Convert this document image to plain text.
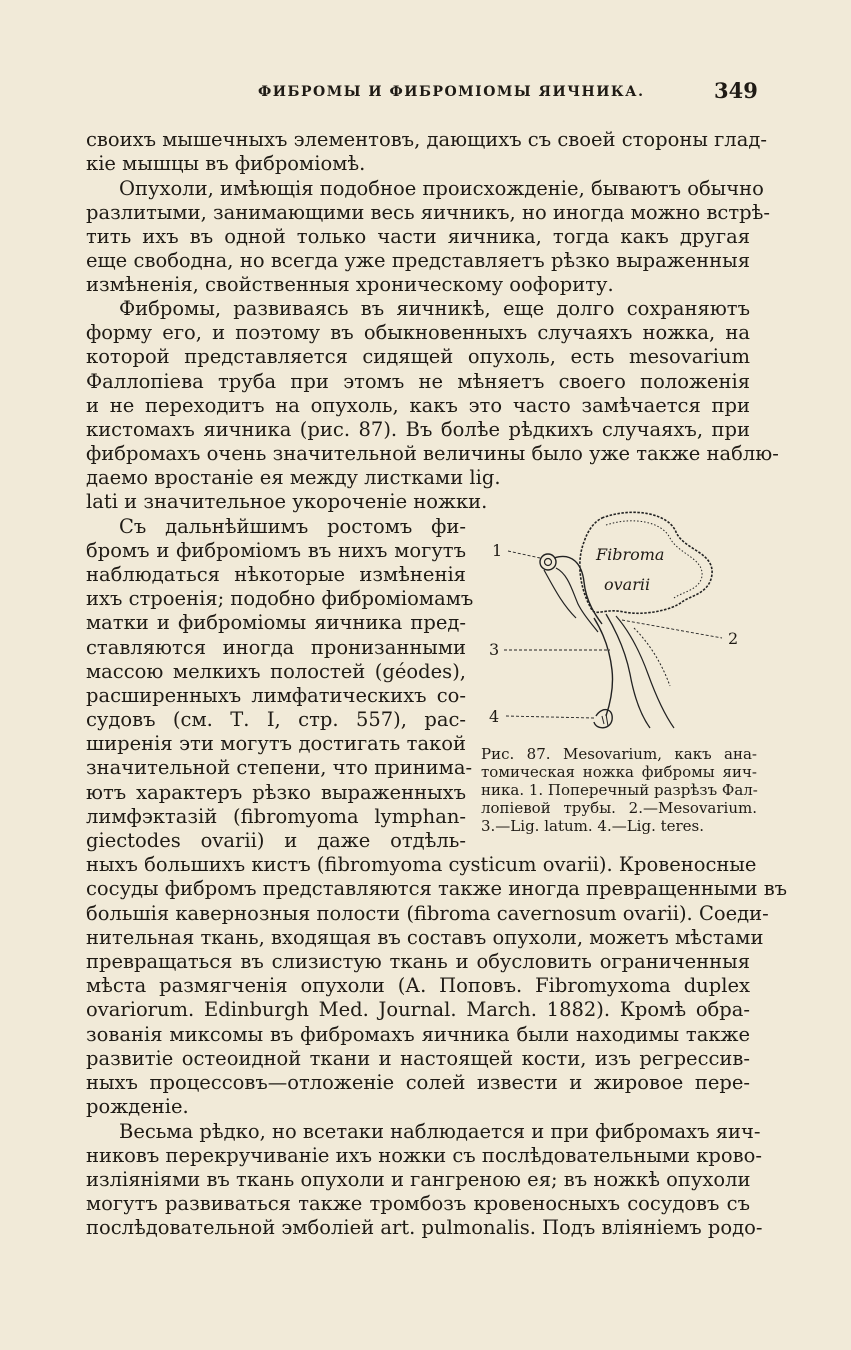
ФИБРОМЫ И ФИБРОМІОМЫ ЯИЧНИКА.	349
своихъ мышечныхъ элементовъ, дающихъ съ своей стороны глад-
кіе мышцы въ фиброміомѣ.
Опухоли, имѣющія подобное происхожденіе, бываютъ обычно
разлитыми, занимающими весь яичникъ, но иногда можно встрѣ-
тить ихъ въ одной только части яичника, тогда какъ другая
еще свободна, но всегда уже представляетъ рѣзко выраженныя
измѣненія, свойственныя хроническому оофориту.
Фибромы, развиваясь въ яичникѣ, еще долго сохраняютъ
форму его, и поэтому въ обыкновенныхъ случаяхъ ножка, на
которой представляется сидящей опухоль, есть mesovarium
Фаллопіева труба при этомъ не мѣняетъ своего положенія
и не переходитъ на опухоль, какъ это часто замѣчается при
кистомахъ яичника (рис. 87). Въ болѣе рѣдкихъ случаяхъ, при
фибромахъ очень значительной величины было уже также наблю-
даемо вростаніе ея между листками lig.
lati и значительное укороченіе ножки.
Съ дальнѣйшимъ ростомъ фи-
бромъ и фиброміомъ въ нихъ могутъ
наблюдаться нѣкоторые измѣненія
ихъ строенія; подобно фиброміомамъ
матки и фиброміомы яичника пред-
ставляются иногда пронизанными
массою мелкихъ полостей (géodes),
расширенныхъ лимфатическихъ со-
судовъ (см. Т. I, стр. 557), рас-
ширенія эти могутъ достигать такой
значительной степени, что принима-
ютъ характеръ рѣзко выраженныхъ
лимфэктазій (fibromyoma lymphan-
giectodes ovarii) и даже отдѣль-
ныхъ большихъ кистъ (fibromyoma cysticum ovarii). Кровеносные
сосуды фибромъ представляются также иногда превращенными въ
большія кавернозныя полости (fibroma cavernosum ovarii). Соеди-
нительная ткань, входящая въ составъ опухоли, можетъ мѣстами
превращаться въ слизистую ткань и обусловить ограниченныя
мѣста размягченія опухоли (А. Поповъ. Fibromyxoma duplex
ovariorum. Edinburgh Med. Journal. March. 1882). Кромѣ обра-
зованія миксомы въ фибромахъ яичника были находимы также
развитіе остеоидной ткани и настоящей кости, изъ регрессив-
ныхъ процессовъ—отложеніе солей извести и жировое пере-
рожденіе.
Весьма рѣдко, но всетаки наблюдается и при фибромахъ яич-
никовъ перекручиваніе ихъ ножки съ послѣдовательными крово-
изліяніями въ ткань опухоли и гангреною ея; въ ножкѣ опухоли
могутъ развиваться также тромбозъ кровеносныхъ сосудовъ съ
послѣдовательной эмболіей art. pulmonalis. Подъ вліяніемъ родо-
Fibroma
ovarii
1
2
3
4
Рис. 87. Mesovarium, какъ ана-
томическая ножка фибромы яич-
ника. 1. Поперечный разрѣзъ Фал-
лопіевой трубы. 2.—Mesovarium.
3.—Lig. latum. 4.—Lig. teres.
